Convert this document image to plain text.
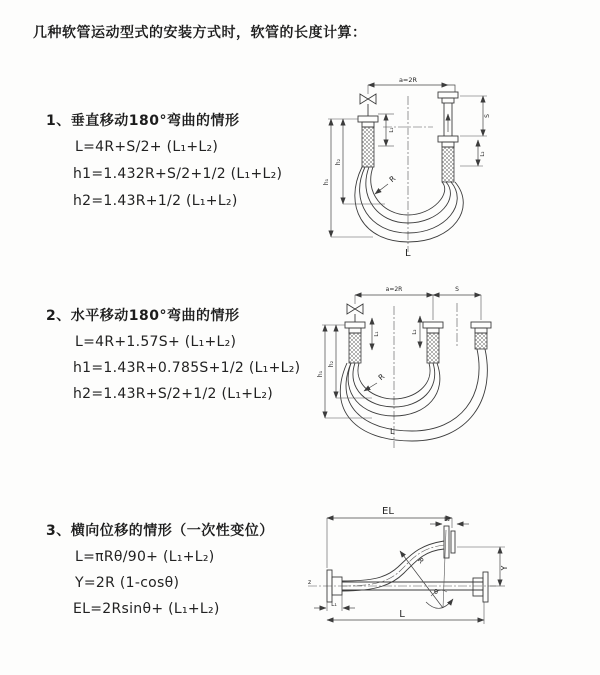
几种软管运动型式的安装方式时，软管的长度计算：
1、垂直移动180°弯曲的情形
L=4R+S/2+ (L₁+L₂)
h1=1.432R+S/2+1/2 (L₁+L₂)
h2=1.43R+1/2 (L₁+L₂)
2、水平移动180°弯曲的情形
L=4R+1.57S+ (L₁+L₂)
h1=1.43R+0.785S+1/2 (L₁+L₂)
h2=1.43R+S/2+1/2 (L₁+L₂)
3、横向位移的情形（一次性变位）
L=πRθ/90+ (L₁+L₂)
Y=2R (1-cosθ)
EL=2Rsinθ+ (L₁+L₂)
a=2R
h₁
h₂
L₁
S
L₂
R
L
a=2R	S
h₁
h₂
L₁	L₂
R
L
EL
L₂
Y
z
R
θ
L₁
L
